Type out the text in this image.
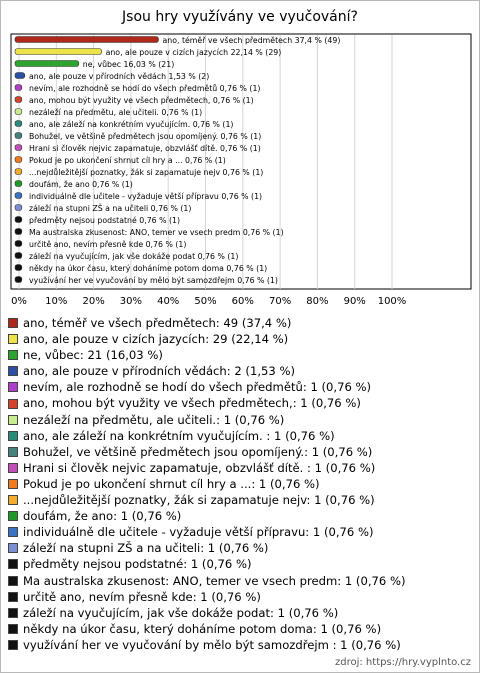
Jsou hry využívány ve vyučování?
ano, téměř ve všech předmětech 37,4 % (49)
ano, ale pouze v cizích jazycích 22,14 % (29)
ne, vůbec 16,03 % (21)
ano, ale pouze v přírodních vědách 1,53 % (2)
nevím, ale rozhodně se hodí do všech předmětů 0,76 % (1)
ano, mohou být využity ve všech předmětech, 0,76 % (1)
nezáleží na předmětu, ale učiteli. 0,76 % (1)
ano, ale záleží na konkrétním vyučujícím. 0,76 % (1)
Bohužel, ve většině předmětech jsou opomíjený. 0,76 % (1)
Hrani si člověk nejvic zapamatuje, obzvlášť dítě. 0,76 % (1)
Pokud je po ukončení shrnut cíl hry a ... 0,76 % (1)
...nejdůležitější poznatky, žák si zapamatuje nejv 0,76 % (1)
doufám, že ano 0,76 % (1)
individuálně dle učitele - vyžaduje větší přípravu 0,76 % (1)
záleží na stupni ZŠ a na učiteli 0,76 % (1)
předměty nejsou podstatné 0,76 % (1)
Ma australska zkusenost: ANO, temer ve vsech predm 0,76 % (1)
určitě ano, nevím přesně kde 0,76 % (1)
záleží na vyučujícím, jak vše dokáže podat 0,76 % (1)
někdy na úkor času, který doháníme potom doma 0,76 % (1)
využívání her ve vyučování by mělo být samozdřejm 0,76 % (1)
0% 10% 20% 30% 40% 50% 60% 70% 80% 90% 100%
ano, téměř ve všech předmětech: 49 (37,4 %)
ano, ale pouze v cizích jazycích: 29 (22,14 %)
ne, vůbec: 21 (16,03 %)
ano, ale pouze v přírodních vědách: 2 (1,53 %)
nevím, ale rozhodně se hodí do všech předmětů: 1 (0,76 %)
ano, mohou být využity ve všech předmětech,: 1 (0,76 %)
nezáleží na předmětu, ale učiteli.: 1 (0,76 %)
ano, ale záleží na konkrétním vyučujícím. : 1 (0,76 %)
Bohužel, ve většině předmětech jsou opomíjený.: 1 (0,76 %)
Hrani si člověk nejvic zapamatuje, obzvlášť dítě. : 1 (0,76 %)
Pokud je po ukončení shrnut cíl hry a ...: 1 (0,76 %)
...nejdůležitější poznatky, žák si zapamatuje nejv: 1 (0,76 %)
doufám, že ano: 1 (0,76 %)
individuálně dle učitele - vyžaduje větší přípravu: 1 (0,76 %)
záleží na stupni ZŠ a na učiteli: 1 (0,76 %)
předměty nejsou podstatné: 1 (0,76 %)
Ma australska zkusenost: ANO, temer ve vsech predm: 1 (0,76 %)
určitě ano, nevím přesně kde: 1 (0,76 %)
záleží na vyučujícím, jak vše dokáže podat: 1 (0,76 %)
někdy na úkor času, který doháníme potom doma: 1 (0,76 %)
využívání her ve vyučování by mělo být samozdřejm : 1 (0,76 %)
zdroj: https://hry.vyplnto.cz
